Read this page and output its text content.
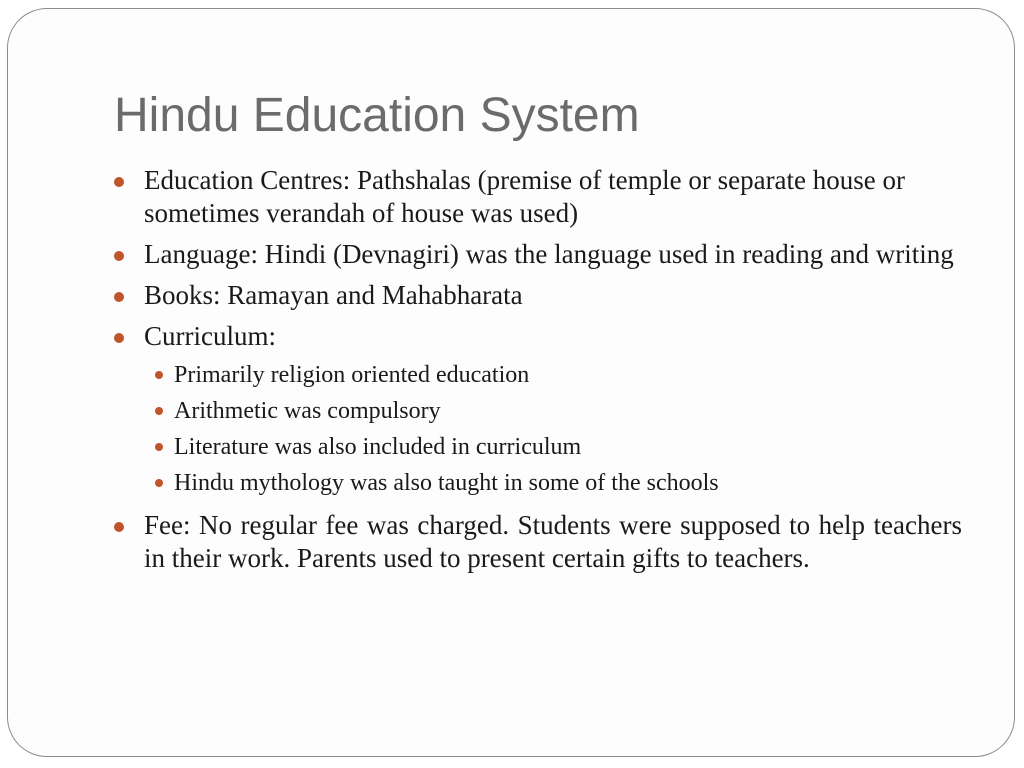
Hindu Education System
Education Centres: Pathshalas (premise of temple or separate house or sometimes verandah of house was used)
Language: Hindi (Devnagiri) was the language used in reading and writing
Books: Ramayan and Mahabharata
Curriculum:
Primarily religion oriented education
Arithmetic was compulsory
Literature was also included in curriculum
Hindu mythology was also taught in some of the schools
Fee: No regular fee was charged. Students were supposed to help teachers in their work. Parents used to present certain gifts to teachers.
